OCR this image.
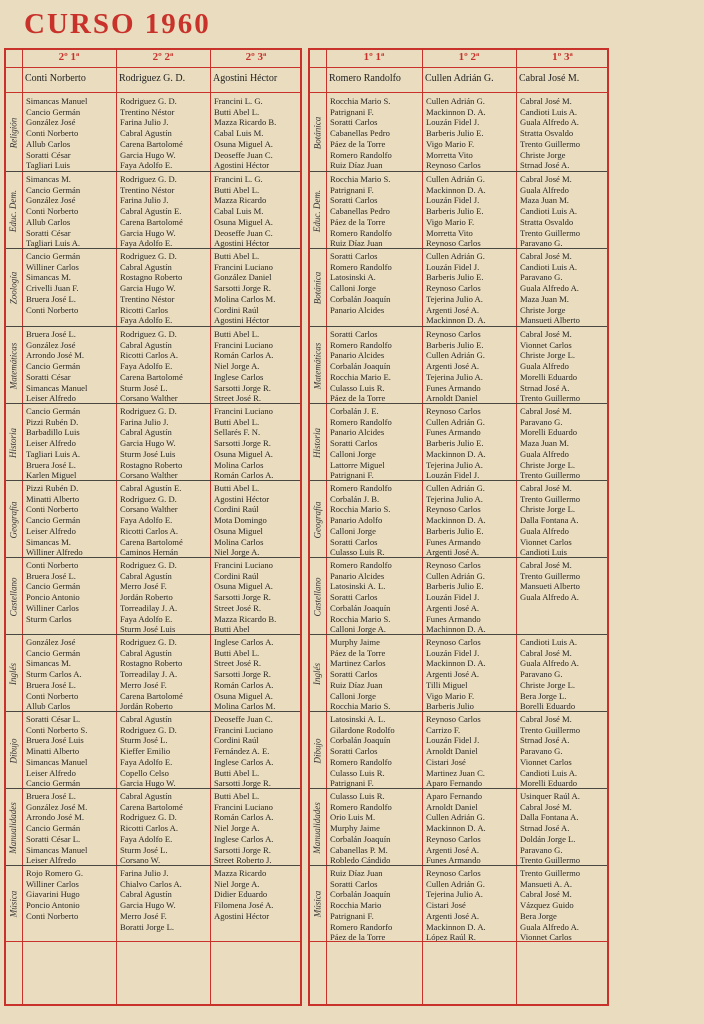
CURSO 1960
2º 1ª
Conti Norberto
2º 2ª
Rodriguez G. D.
2º 3ª
Agostini Héctor
Religión
Simancas Manuel
Cancio Germán
González José
Conti Norberto
Allub Carlos
Soratti César
Tagliari Luis
Rodriguez G. D.
Trentino Néstor
Farina Julio J.
Cabral Agustín
Carena Bartolomé
Garcia Hugo W.
Faya Adolfo E.
Francini L. G.
Butti Abel L.
Mazza Ricardo B.
Cabal Luis M.
Osuna Miguel A.
Deoseffe Juan C.
Agostini Héctor
Educ. Dem.
Simancas M.
Cancio Germán
González José
Conti Norberto
Allub Carlos
Soratti César
Tagliari Luis A.
Rodriguez G. D.
Trentino Néstor
Farina Julio J.
Cabral Agustín E.
Carena Bartolomé
Garcia Hugo W.
Faya Adolfo E.
Francini L. G.
Butti Abel L.
Mazza Ricardo
Cabal Luis M.
Osuna Miguel A.
Deoseffe Juan C.
Agostini Héctor
Zoología
Cancio Germán
Williner Carlos
Simancas M.
Crivelli Juan F.
Bruera José L.
Conti Norberto
Rodriguez G. D.
Cabral Agustín
Rostagno Roberto
Garcia Hugo W.
Trentino Néstor
Ricotti Carlos
Faya Adolfo E.
Butti Abel L.
Francini Luciano
González Daniel
Sarsotti Jorge R.
Molina Carlos M.
Cordini Raúl
Agostini Héctor
Matemáticas
Bruera José L.
González José
Arrondo José M.
Cancio Germán
Soratti César
Simancas Manuel
Leiser Alfredo
Rodriguez G. D.
Cabral Agustín
Ricotti Carlos A.
Faya Adolfo E.
Carena Bartolomé
Sturm José L.
Corsano Walther
Butti Abel L.
Francini Luciano
Román Carlos A.
Niel Jorge A.
Inglese Carlos
Sarsotti Jorge R.
Street José R.
Historia
Cancio Germán
Pizzi Rubén D.
Barbadillo Luis
Leiser Alfredo
Tagliari Luis A.
Bruera José L.
Karlen Miguel
Rodriguez G. D.
Farina Julio J.
Cabral Agustín
Garcia Hugo W.
Sturm José Luis
Rostagno Roberto
Corsano Walther
Francini Luciano
Butti Abel L.
Sellarés F. N.
Sarsotti Jorge R.
Osuna Miguel A.
Molina Carlos
Román Carlos A.
Geografía
Pizzi Rubén D.
Minatti Alberto
Conti Norberto
Cancio Germán
Leiser Alfredo
Simancas M.
Williner Alfredo
Cabral Agustín E.
Rodriguez G. D.
Corsano Walther
Faya Adolfo E.
Ricotti Carlos A.
Carena Bartolomé
Caminos Hernán
Butti Abel L.
Agostini Héctor
Cordini Raúl
Mota Domingo
Osuna Miguel
Molina Carlos
Niel Jorge A.
Castellano
Conti Norberto
Bruera José L.
Cancio Germán
Poncio Antonio
Williner Carlos
Sturm Carlos
Rodriguez G. D.
Cabral Agustín
Merro José F.
Jordán Roberto
Torreadilay J. A.
Faya Adolfo E.
Sturm José Luis
Francini Luciano
Cordini Raúl
Osuna Miguel A.
Sarsotti Jorge R.
Street José R.
Mazza Ricardo B.
Butti Abel
Inglés
González José
Cancio Germán
Simancas M.
Sturm Carlos A.
Bruera José L.
Conti Norberto
Allub Carlos
Rodriguez G. D.
Cabral Agustín
Rostagno Roberto
Torreadilay J. A.
Merro José F.
Carena Bartolomé
Jordán Roberto
Inglese Carlos A.
Butti Abel L.
Street José R.
Sarsotti Jorge R.
Román Carlos A.
Osuna Miguel A.
Molina Carlos M.
Dibujo
Soratti César L.
Conti Norberto S.
Bruera José Luis
Minatti Alberto
Simancas Manuel
Leiser Alfredo
Cancio Germán
Cabral Agustín
Rodriguez G. D.
Sturm José L.
Kieffer Emilio
Faya Adolfo E.
Copello Celso
Garcia Hugo W.
Deoseffe Juan C.
Francini Luciano
Cordini Raúl
Fernández A. E.
Inglese Carlos A.
Butti Abel L.
Sarsotti Jorge R.
Manualidades
Bruera José L.
González José M.
Arrondo José M.
Cancio Germán
Soratti César L.
Simancas Manuel
Leiser Alfredo
Cabral Agustín
Carena Bartolomé
Rodriguez G. D.
Ricotti Carlos A.
Faya Adolfo E.
Sturm José L.
Corsano W.
Butti Abel L.
Francini Luciano
Román Carlos A.
Niel Jorge A.
Inglese Carlos A.
Sarsotti Jorge R.
Street Roberto J.
Música
Rojo Romero G.
Williner Carlos
Giavarini Hugo
Poncio Antonio
Conti Norberto
Farina Julio J.
Chialvo Carlos A.
Cabral Agustín
Garcia Hugo W.
Merro José F.
Boratti Jorge L.
Mazza Ricardo
Niel Jorge A.
Didier Eduardo
Filomena José A.
Agostini Héctor
1º 1ª
Romero Randolfo
1º 2ª
Cullen Adrián G.
1º 3ª
Cabral José M.
Botánica
Rocchia Mario S.
Patrignani F.
Soratti Carlos
Cabanellas Pedro
Páez de la Torre
Romero Randolfo
Ruiz Díaz Juan
Cullen Adrián G.
Mackinnon D. A.
Louzán Fidel J.
Barberis Julio E.
Vigo Mario F.
Morretta Vito
Reynoso Carlos
Cabral José M.
Candioti Luis A.
Guala Alfredo A.
Stratta Osvaldo
Trento Guillermo
Christe Jorge
Strnad José A.
Educ. Dem.
Rocchia Mario S.
Patrignani F.
Soratti Carlos
Cabanellas Pedro
Páez de la Torre
Romero Randolfo
Ruiz Díaz Juan
Cullen Adrián G.
Mackinnon D. A.
Louzán Fidel J.
Barberis Julio E.
Vigo Mario F.
Morretta Vito
Reynoso Carlos
Cabral José M.
Guala Alfredo
Maza Juan M.
Candioti Luis A.
Stratta Osvaldo
Trento Guillermo
Paravano G.
Botánica
Soratti Carlos
Romero Randolfo
Latosinski A.
Calloni Jorge
Corbalán Joaquín
Panario Alcides
Cullen Adrián G.
Louzán Fidel J.
Barberis Julio E.
Reynoso Carlos
Tejerina Julio A.
Argenti José A.
Mackinnon D. A.
Cabral José M.
Candioti Luis A.
Paravano G.
Guala Alfredo A.
Maza Juan M.
Christe Jorge
Mansueti Alberto
Matemáticas
Soratti Carlos
Romero Randolfo
Panario Alcides
Corbalán Joaquín
Rocchia Mario E.
Culasso Luis R.
Páez de la Torre
Reynoso Carlos
Barberis Julio E.
Cullen Adrián G.
Argenti José A.
Tejerina Julio A.
Funes Armando
Arnoldt Daniel
Cabral José M.
Vionnet Carlos
Christe Jorge L.
Guala Alfredo
Morelli Eduardo
Strnad José A.
Trento Guillermo
Historia
Corbalán J. E.
Romero Randolfo
Panario Alcides
Soratti Carlos
Calloni Jorge
Lattorre Miguel
Patrignani F.
Reynoso Carlos
Cullen Adrián G.
Funes Armando
Barberis Julio E.
Mackinnon D. A.
Tejerina Julio A.
Louzán Fidel J.
Cabral José M.
Paravano G.
Morelli Eduardo
Maza Juan M.
Guala Alfredo
Christe Jorge L.
Trento Guillermo
Geografía
Romero Randolfo
Corbalán J. B.
Rocchia Mario S.
Panario Adolfo
Calloni Jorge
Soratti Carlos
Culasso Luis R.
Cullen Adrián G.
Tejerina Julio A.
Reynoso Carlos
Mackinnon D. A.
Barberis Julio E.
Funes Armando
Argenti José A.
Cabral José M.
Trento Guillermo
Christe Jorge L.
Dalla Fontana A.
Guala Alfredo
Vionnet Carlos
Candioti Luis
Castellano
Romero Randolfo
Panario Alcides
Latosinski A. L.
Soratti Carlos
Corbalán Joaquín
Rocchia Mario S.
Calloni Jorge A.
Reynoso Carlos
Cullen Adrián G.
Barberis Julio E.
Louzán Fidel J.
Argenti José A.
Funes Armando
Machinnon D. A.
Cabral José M.
Trento Guillermo
Mansueti Alberto
Guala Alfredo A.
Inglés
Murphy Jaime
Páez de la Torre
Martinez Carlos
Soratti Carlos
Ruiz Díaz Juan
Calloni Jorge
Rocchia Mario S.
Reynoso Carlos
Louzán Fidel J.
Mackinnon D. A.
Argenti José A.
Tilli Miguel
Vigo Mario F.
Barberis Julio
Candioti Luis A.
Cabral José M.
Guala Alfredo A.
Paravano G.
Christe Jorge L.
Bera Jorge L.
Borelli Eduardo
Dibujo
Latosinski A. L.
Gilardone Rodolfo
Corbalán Joaquín
Soratti Carlos
Romero Randolfo
Culasso Luis R.
Patrignani F.
Reynoso Carlos
Carrizo F.
Louzán Fidel J.
Arnoldt Daniel
Cistari José
Martinez Juan C.
Aparo Fernando
Cabral José M.
Trento Guillermo
Strnad José A.
Paravano G.
Vionnet Carlos
Candioti Luis A.
Morelli Eduardo
Manualidades
Culasso Luis R.
Romero Randolfo
Orio Luis M.
Murphy Jaime
Corbalán Joaquín
Cabanellas P. M.
Robledo Cándido
Aparo Fernando
Arnoldt Daniel
Cullen Adrián G.
Mackinnon D. A.
Reynoso Carlos
Argenti José A.
Funes Armando
Usinquer Raúl A.
Cabral José M.
Dalla Fontana A.
Strnad José A.
Doldán Jorge L.
Paravano G.
Trento Guillermo
Música
Ruiz Díaz Juan
Soratti Carlos
Corbalán Joaquín
Rocchia Mario
Patrignani F.
Romero Randorfo
Páez de la Torre
Reynoso Carlos
Cullen Adrián G.
Tejerina Julio A.
Cistari José
Argenti José A.
Mackinnon D. A.
López Raúl R.
Trento Guillermo
Mansueti A. A.
Cabral José M.
Vázquez Guido
Bera Jorge
Guala Alfredo A.
Vionnet Carlos
